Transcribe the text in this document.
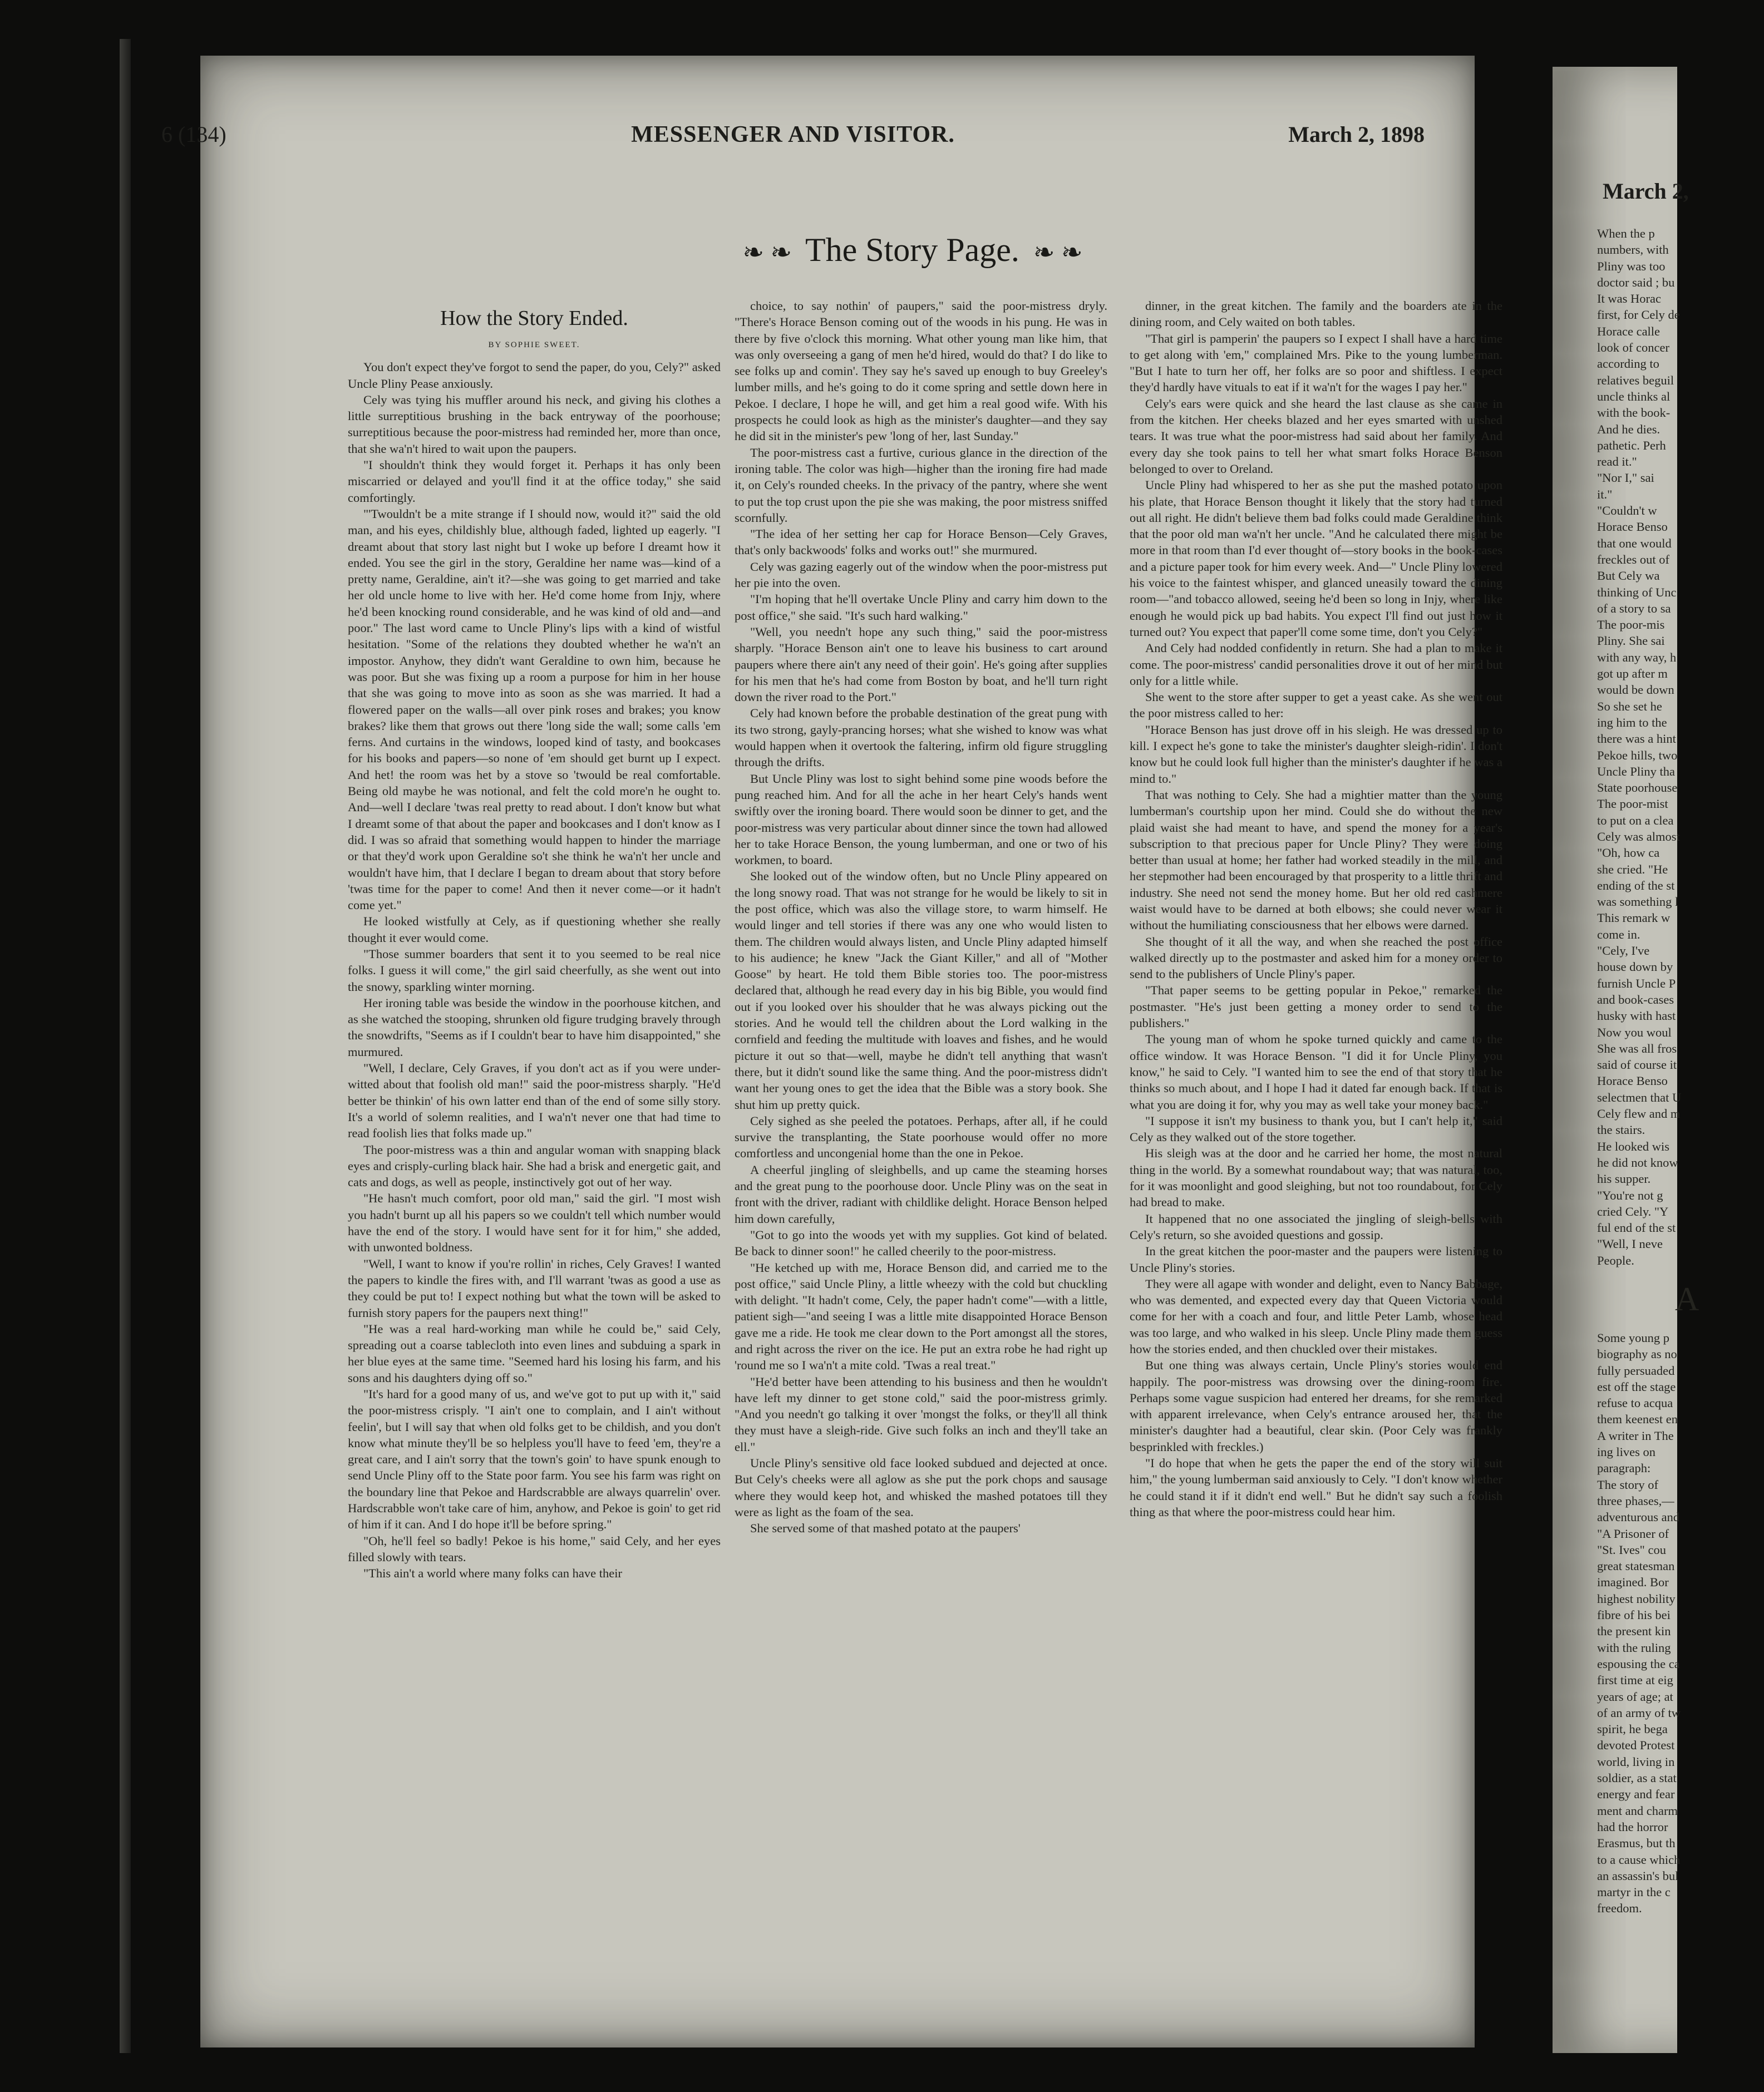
6 (134)	MESSENGER AND VISITOR.	March 2, 1898
❧ ❧ The Story Page. ❧ ❧
How the Story Ended.
BY SOPHIE SWEET.

You don't expect they've forgot to send the paper, do you, Cely?" asked Uncle Pliny Pease anxiously.

Cely was tying his muffler around his neck, and giving his clothes a little surreptitious brushing in the back entryway of the poorhouse; surreptitious because the poor-mistress had reminded her, more than once, that she wa'n't hired to wait upon the paupers.

"I shouldn't think they would forget it. Perhaps it has only been miscarried or delayed and you'll find it at the office today," she said comfortingly.

"'Twouldn't be a mite strange if I should now, would it?" said the old man, and his eyes, childishly blue, although faded, lighted up eagerly. "I dreamt about that story last night but I woke up before I dreamt how it ended. You see the girl in the story, Geraldine her name was—kind of a pretty name, Geraldine, ain't it?—she was going to get married and take her old uncle home to live with her. He'd come home from Injy, where he'd been knocking round considerable, and he was kind of old and—and poor." The last word came to Uncle Pliny's lips with a kind of wistful hesitation. "Some of the relations they doubted whether he wa'n't an impostor. Anyhow, they didn't want Geraldine to own him, because he was poor. But she was fixing up a room a purpose for him in her house that she was going to move into as soon as she was married. It had a flowered paper on the walls—all over pink roses and brakes; you know brakes? like them that grows out there 'long side the wall; some calls 'em ferns. And curtains in the windows, looped kind of tasty, and bookcases for his books and papers—so none of 'em should get burnt up I expect. And het! the room was het by a stove so 'twould be real comfortable. Being old maybe he was notional, and felt the cold more'n he ought to. And—well I declare 'twas real pretty to read about. I don't know but what I dreamt some of that about the paper and bookcases and I don't know as I did. I was so afraid that something would happen to hinder the marriage or that they'd work upon Geraldine so't she think he wa'n't her uncle and wouldn't have him, that I declare I began to dream about that story before 'twas time for the paper to come! And then it never come—or it hadn't come yet."

He looked wistfully at Cely, as if questioning whether she really thought it ever would come.

"Those summer boarders that sent it to you seemed to be real nice folks. I guess it will come," the girl said cheerfully, as she went out into the snowy, sparkling winter morning.

Her ironing table was beside the window in the poorhouse kitchen, and as she watched the stooping, shrunken old figure trudging bravely through the snowdrifts, "Seems as if I couldn't bear to have him disappointed," she murmured.

"Well, I declare, Cely Graves, if you don't act as if you were under-witted about that foolish old man!" said the poor-mistress sharply. "He'd better be thinkin' of his own latter end than of the end of some silly story. It's a world of solemn realities, and I wa'n't never one that had time to read foolish lies that folks made up."

The poor-mistress was a thin and angular woman with snapping black eyes and crisply-curling black hair. She had a brisk and energetic gait, and cats and dogs, as well as people, instinctively got out of her way.

"He hasn't much comfort, poor old man," said the girl. "I most wish you hadn't burnt up all his papers so we couldn't tell which number would have the end of the story. I would have sent for it for him," she added, with unwonted boldness.

"Well, I want to know if you're rollin' in riches, Cely Graves! I wanted the papers to kindle the fires with, and I'll warrant 'twas as good a use as they could be put to! I expect nothing but what the town will be asked to furnish story papers for the paupers next thing!"

"He was a real hard-working man while he could be," said Cely, spreading out a coarse tablecloth into even lines and subduing a spark in her blue eyes at the same time. "Seemed hard his losing his farm, and his sons and his daughters dying off so."

"It's hard for a good many of us, and we've got to put up with it," said the poor-mistress crisply. "I ain't one to complain, and I ain't without feelin', but I will say that when old folks get to be childish, and you don't know what minute they'll be so helpless you'll have to feed 'em, they're a great care, and I ain't sorry that the town's goin' to have spunk enough to send Uncle Pliny off to the State poor farm. You see his farm was right on the boundary line that Pekoe and Hardscrabble are always quarrelin' over. Hardscrabble won't take care of him, anyhow, and Pekoe is goin' to get rid of him if it can. And I do hope it'll be before spring."

"Oh, he'll feel so badly! Pekoe is his home," said Cely, and her eyes filled slowly with tears.

"This ain't a world where many folks can have their

choice, to say nothin' of paupers," said the poor-mistress dryly. "There's Horace Benson coming out of the woods in his pung. He was in there by five o'clock this morning. What other young man like him, that was only overseeing a gang of men he'd hired, would do that? I do like to see folks up and comin'. They say he's saved up enough to buy Greeley's lumber mills, and he's going to do it come spring and settle down here in Pekoe. I declare, I hope he will, and get him a real good wife. With his prospects he could look as high as the minister's daughter—and they say he did sit in the minister's pew 'long of her, last Sunday."

The poor-mistress cast a furtive, curious glance in the direction of the ironing table. The color was high—higher than the ironing fire had made it, on Cely's rounded cheeks. In the privacy of the pantry, where she went to put the top crust upon the pie she was making, the poor mistress sniffed scornfully.

"The idea of her setting her cap for Horace Benson—Cely Graves, that's only backwoods' folks and works out!" she murmured.

Cely was gazing eagerly out of the window when the poor-mistress put her pie into the oven.

"I'm hoping that he'll overtake Uncle Pliny and carry him down to the post office," she said. "It's such hard walking."

"Well, you needn't hope any such thing," said the poor-mistress sharply. "Horace Benson ain't one to leave his business to cart around paupers where there ain't any need of their goin'. He's going after supplies for his men that he's had come from Boston by boat, and he'll turn right down the river road to the Port."

Cely had known before the probable destination of the great pung with its two strong, gayly-prancing horses; what she wished to know was what would happen when it overtook the faltering, infirm old figure struggling through the drifts.

But Uncle Pliny was lost to sight behind some pine woods before the pung reached him. And for all the ache in her heart Cely's hands went swiftly over the ironing board. There would soon be dinner to get, and the poor-mistress was very particular about dinner since the town had allowed her to take Horace Benson, the young lumberman, and one or two of his workmen, to board.

She looked out of the window often, but no Uncle Pliny appeared on the long snowy road. That was not strange for he would be likely to sit in the post office, which was also the village store, to warm himself. He would linger and tell stories if there was any one who would listen to them. The children would always listen, and Uncle Pliny adapted himself to his audience; he knew "Jack the Giant Killer," and all of "Mother Goose" by heart. He told them Bible stories too. The poor-mistress declared that, although he read every day in his big Bible, you would find out if you looked over his shoulder that he was always picking out the stories. And he would tell the children about the Lord walking in the cornfield and feeding the multitude with loaves and fishes, and he would picture it out so that—well, maybe he didn't tell anything that wasn't there, but it didn't sound like the same thing. And the poor-mistress didn't want her young ones to get the idea that the Bible was a story book. She shut him up pretty quick.

Cely sighed as she peeled the potatoes. Perhaps, after all, if he could survive the transplanting, the State poorhouse would offer no more comfortless and uncongenial home than the one in Pekoe.

A cheerful jingling of sleighbells, and up came the steaming horses and the great pung to the poorhouse door. Uncle Pliny was on the seat in front with the driver, radiant with childlike delight. Horace Benson helped him down carefully,

"Got to go into the woods yet with my supplies. Got kind of belated. Be back to dinner soon!" he called cheerily to the poor-mistress.

"He ketched up with me, Horace Benson did, and carried me to the post office," said Uncle Pliny, a little wheezy with the cold but chuckling with delight. "It hadn't come, Cely, the paper hadn't come"—with a little, patient sigh—"and seeing I was a little mite disappointed Horace Benson gave me a ride. He took me clear down to the Port amongst all the stores, and right across the river on the ice. He put an extra robe he had right up 'round me so I wa'n't a mite cold. 'Twas a real treat."

"He'd better have been attending to his business and then he wouldn't have left my dinner to get stone cold," said the poor-mistress grimly. "And you needn't go talking it over 'mongst the folks, or they'll all think they must have a sleigh-ride. Give such folks an inch and they'll take an ell."

Uncle Pliny's sensitive old face looked subdued and dejected at once. But Cely's cheeks were all aglow as she put the pork chops and sausage where they would keep hot, and whisked the mashed potatoes till they were as light as the foam of the sea.

She served some of that mashed potato at the paupers'

dinner, in the great kitchen. The family and the boarders ate in the dining room, and Cely waited on both tables.

"That girl is pamperin' the paupers so I expect I shall have a hard time to get along with 'em," complained Mrs. Pike to the young lumberman. "But I hate to turn her off, her folks are so poor and shiftless. I expect they'd hardly have vituals to eat if it wa'n't for the wages I pay her."

Cely's ears were quick and she heard the last clause as she came in from the kitchen. Her cheeks blazed and her eyes smarted with unshed tears. It was true what the poor-mistress had said about her family. And every day she took pains to tell her what smart folks Horace Benson belonged to over to Oreland.

Uncle Pliny had whispered to her as she put the mashed potato upon his plate, that Horace Benson thought it likely that the story had turned out all right. He didn't believe them bad folks could made Geraldine think that the poor old man wa'n't her uncle. "And he calculated there might be more in that room than I'd ever thought of—story books in the book-cases and a picture paper took for him every week. And—" Uncle Pliny lowered his voice to the faintest whisper, and glanced uneasily toward the dining room—"and tobacco allowed, seeing he'd been so long in Injy, where like enough he would pick up bad habits. You expect I'll find out just how it turned out? You expect that paper'll come some time, don't you Cely?"

And Cely had nodded confidently in return. She had a plan to make it come. The poor-mistress' candid personalities drove it out of her mind but only for a little while.

She went to the store after supper to get a yeast cake. As she went out the poor mistress called to her:

"Horace Benson has just drove off in his sleigh. He was dressed up to kill. I expect he's gone to take the minister's daughter sleigh-ridin'. I don't know but he could look full higher than the minister's daughter if he was a mind to."

That was nothing to Cely. She had a mightier matter than the young lumberman's courtship upon her mind. Could she do without the new plaid waist she had meant to have, and spend the money for a year's subscription to that precious paper for Uncle Pliny? They were doing better than usual at home; her father had worked steadily in the mill, and her stepmother had been encouraged by that prosperity to a little thrift and industry. She need not send the money home. But her old red cashmere waist would have to be darned at both elbows; she could never wear it without the humiliating consciousness that her elbows were darned.

She thought of it all the way, and when she reached the post office walked directly up to the postmaster and asked him for a money order to send to the publishers of Uncle Pliny's paper.

"That paper seems to be getting popular in Pekoe," remarked the postmaster. "He's just been getting a money order to send to the publishers."

The young man of whom he spoke turned quickly and came to the office window. It was Horace Benson. "I did it for Uncle Pliny, you know," he said to Cely. "I wanted him to see the end of that story that he thinks so much about, and I hope I had it dated far enough back. If that is what you are doing it for, why you may as well take your money back."

"I suppose it isn't my business to thank you, but I can't help it," said Cely as they walked out of the store together.

His sleigh was at the door and he carried her home, the most natural thing in the world. By a somewhat roundabout way; that was natural, too, for it was moonlight and good sleighing, but not too roundabout, for Cely had bread to make.

It happened that no one associated the jingling of sleigh-bells with Cely's return, so she avoided questions and gossip.

In the great kitchen the poor-master and the paupers were listening to Uncle Pliny's stories.

They were all agape with wonder and delight, even to Nancy Babbage, who was demented, and expected every day that Queen Victoria would come for her with a coach and four, and little Peter Lamb, whose head was too large, and who walked in his sleep. Uncle Pliny made them guess how the stories ended, and then chuckled over their mistakes.

But one thing was always certain, Uncle Pliny's stories would end happily. The poor-mistress was drowsing over the dining-room fire. Perhaps some vague suspicion had entered her dreams, for she remarked with apparent irrelevance, when Cely's entrance aroused her, that the minister's daughter had a beautiful, clear skin. (Poor Cely was frankly besprinkled with freckles.)

"I do hope that when he gets the paper the end of the story will suit him," the young lumberman said anxiously to Cely. "I don't know whether he could stand it if it didn't end well." But he didn't say such a foolish thing as that where the poor-mistress could hear him.

March 2,
When the p
numbers, with
Pliny was too
doctor said ; bu
It was Horac
first, for Cely de
Horace calle
look of concer
according to
relatives beguil
uncle thinks al
with the book-
And he dies.
pathetic. Perh
read it."
"Nor I," sai
it."
"Couldn't w
Horace Benso
that one would
freckles out of
But Cely wa
thinking of Unc
of a story to sa
The poor-mis
Pliny. She sai
with any way, h
got up after m
would be down
So she set he
ing him to the
there was a hint
Pekoe hills, two
Uncle Pliny tha
State poorhouse
The poor-mist
to put on a clea
Cely was almost
"Oh, how ca
she cried. "He
ending of the st
was something l
This remark w
come in.
"Cely, I've
house down by
furnish Uncle P
and book-cases
husky with hast
Now you woul
She was all fros
said of course it
Horace Benso
selectmen that U
Cely flew and m
the stairs.
He looked wis
he did not know
his supper.
"You're not g
cried Cely. "Y
ful end of the st
"Well, I neve
People.
A
Some young p
biography as no
fully persuaded
est off the stage
refuse to acqua
them keenest en
A writer in The
ing lives on
paragraph:
The story of
three phases,—
adventurous and
"A Prisoner of
"St. Ives" cou
great statesman
imagined. Bor
highest nobility
fibre of his bei
the present kin
with the ruling
espousing the ca
first time at eig
years of age; at
of an army of tw
spirit, he bega
devoted Protest
world, living in
soldier, as a stat
energy and fear
ment and charm
had the horror
Erasmus, but th
to a cause which
an assassin's bul
martyr in the c
freedom.
